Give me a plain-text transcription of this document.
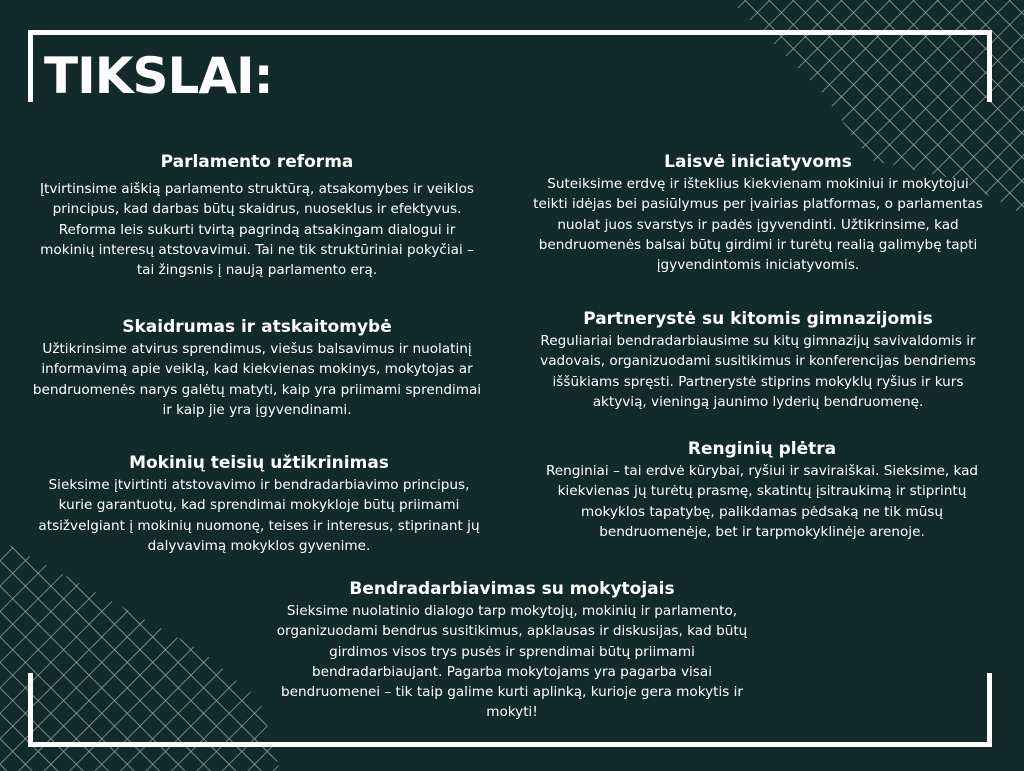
TIKSLAI:
Parlamento reforma

Įtvirtinsime aiškią parlamento struktūrą, atsakomybes ir veiklos principus, kad darbas būtų skaidrus, nuoseklus ir efektyvus. Reforma leis sukurti tvirtą pagrindą atsakingam dialogui ir mokinių interesų atstovavimui. Tai ne tik struktūriniai pokyčiai – tai žingsnis į naują parlamento erą.

Skaidrumas ir atskaitomybė

Užtikrinsime atvirus sprendimus, viešus balsavimus ir nuolatinį informavimą apie veiklą, kad kiekvienas mokinys, mokytojas ar bendruomenės narys galėtų matyti, kaip yra priimami sprendimai ir kaip jie yra įgyvendinami.

Mokinių teisių užtikrinimas

Sieksime įtvirtinti atstovavimo ir bendradarbiavimo principus, kurie garantuotų, kad sprendimai mokykloje būtų priimami atsižvelgiant į mokinių nuomonę, teises ir interesus, stiprinant jų dalyvavimą mokyklos gyvenime.

Laisvė iniciatyvoms

Suteiksime erdvę ir išteklius kiekvienam mokiniui ir mokytojui teikti idėjas bei pasiūlymus per įvairias platformas, o parlamentas nuolat juos svarstys ir padės įgyvendinti. Užtikrinsime, kad bendruomenės balsai būtų girdimi ir turėtų realią galimybę tapti įgyvendintomis iniciatyvomis.

Partnerystė su kitomis gimnazijomis

Reguliariai bendradarbiausime su kitų gimnazijų savivaldomis ir vadovais, organizuodami susitikimus ir konferencijas bendriems iššūkiams spręsti. Partnerystė stiprins mokyklų ryšius ir kurs aktyvią, vieningą jaunimo lyderių bendruomenę.

Renginių plėtra

Renginiai – tai erdvė kūrybai, ryšiui ir saviraiškai. Sieksime, kad kiekvienas jų turėtų prasmę, skatintų įsitraukimą ir stiprintų mokyklos tapatybę, palikdamas pėdsaką ne tik mūsų bendruomenėje, bet ir tarpmokyklinėje arenoje.

Bendradarbiavimas su mokytojais

Sieksime nuolatinio dialogo tarp mokytojų, mokinių ir parlamento, organizuodami bendrus susitikimus, apklausas ir diskusijas, kad būtų girdimos visos trys pusės ir sprendimai būtų priimami bendradarbiaujant. Pagarba mokytojams yra pagarba visai bendruomenei – tik taip galime kurti aplinką, kurioje gera mokytis ir mokyti!
